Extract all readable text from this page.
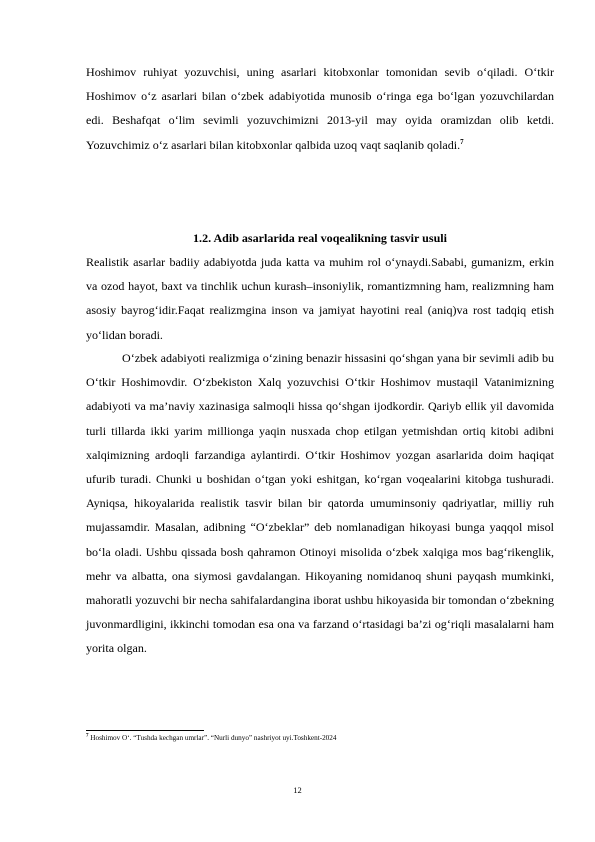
Hoshimov ruhiyat yozuvchisi, uning asarlari kitobxonlar tomonidan sevib o‘qiladi. O‘tkir Hoshimov o‘z asarlari bilan o‘zbek adabiyotida munosib o‘ringa ega bo‘lgan yozuvchilardan edi. Beshafqat o‘lim sevimli yozuvchimizni 2013-yil may oyida oramizdan olib ketdi. Yozuvchimiz o‘z asarlari bilan kitobxonlar qalbida uzoq vaqt saqlanib qoladi.$^7$

1.2. Adib asarlarida real voqealikning tasvir usuli

Realistik asarlar badiiy adabiyotda juda katta va muhim rol o‘ynaydi.Sababi, gumanizm, erkin va ozod hayot, baxt va tinchlik uchun kurash–insoniylik, romantizmning ham, realizmning ham asosiy bayrog‘idir.Faqat realizmgina inson va jamiyat hayotini real (aniq)va rost tadqiq etish yo‘lidan boradi.

O‘zbek adabiyoti realizmiga o‘zining benazir hissasini qo‘shgan yana bir sevimli adib bu O‘tkir Hoshimovdir. O‘zbekiston Xalq yozuvchisi O‘tkir Hoshimov mustaqil Vatanimizning adabiyoti va ma’naviy xazinasiga salmoqli hissa qo‘shgan ijodkordir. Qariyb ellik yil davomida turli tillarda ikki yarim millionga yaqin nusxada chop etilgan yetmishdan ortiq kitobi adibni xalqimizning ardoqli farzandiga aylantirdi. O‘tkir Hoshimov yozgan asarlarida doim haqiqat ufurib turadi. Chunki u boshidan o‘tgan yoki eshitgan, ko‘rgan voqealarini kitobga tushuradi. Ayniqsa, hikoyalarida realistik tasvir bilan bir qatorda umuminsoniy qadriyatlar, milliy ruh mujassamdir. Masalan, adibning “O‘zbeklar” deb nomlanadigan hikoyasi bunga yaqqol misol bo‘la oladi. Ushbu qissada bosh qahramon Otinoyi misolida o‘zbek xalqiga mos bag‘rikenglik, mehr va albatta, ona siymosi gavdalangan. Hikoyaning nomidanoq shuni payqash mumkinki, mahoratli yozuvchi bir necha sahifalardangina iborat ushbu hikoyasida bir tomondan o‘zbekning juvonmardligini, ikkinchi tomodan esa ona va farzand o‘rtasidagi ba’zi og‘riqli masalalarni ham yorita olgan.

$^7$ Hoshimov O‘. “Tushda kechgan umrlar”. “Nurli dunyo” nashriyot uyi.Toshkent-2024

12
